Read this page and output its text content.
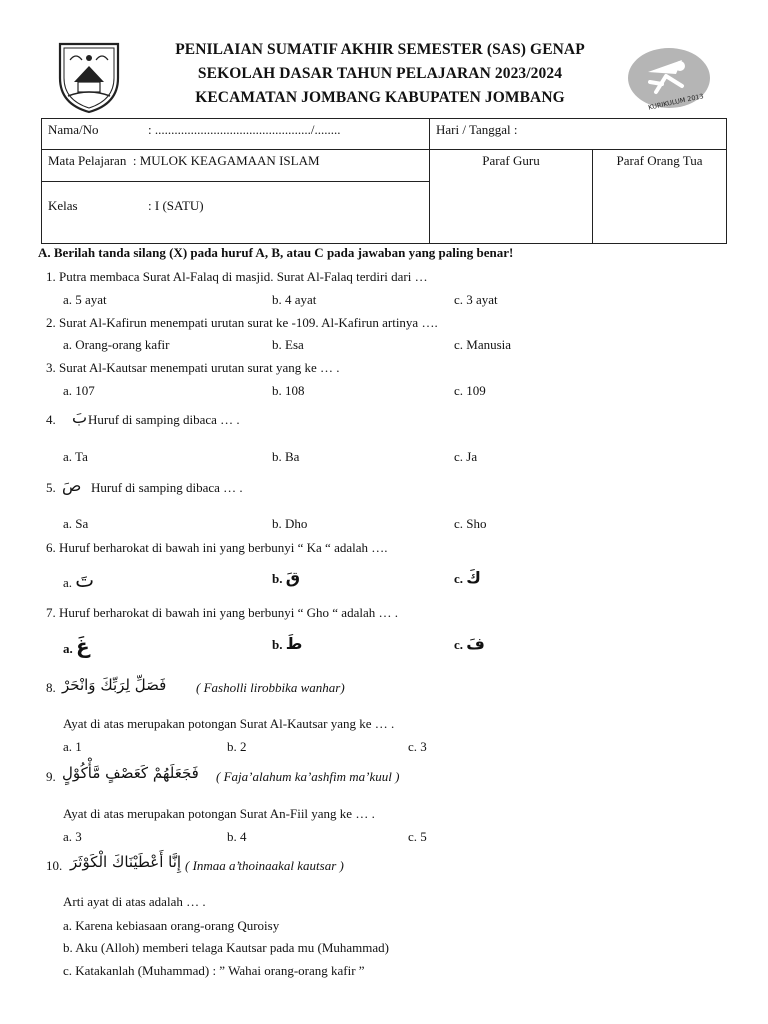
PENILAIAN SUMATIF AKHIR SEMESTER (SAS) GENAP
SEKOLAH DASAR TAHUN PELAJARAN 2023/2024
KECAMATAN JOMBANG KABUPATEN JOMBANG	KURIKULUM 2013
Nama/No : ................................................/........	Hari / Tanggal :	
Mata Pelajaran : MULOK KEAGAMAAN ISLAM	Paraf Guru	Paraf Orang Tua
Kelas : I (SATU)		
A. Berilah tanda silang (X) pada huruf A, B, atau C pada jawaban yang paling benar!
1. Putra membaca Surat Al-Falaq di masjid. Surat Al-Falaq terdiri dari …
a. 5 ayat	b. 4 ayat	c. 3 ayat
2. Surat Al-Kafirun menempati urutan surat ke -109. Al-Kafirun artinya ….
a. Orang-orang kafir	b. Esa	c. Manusia
3. Surat Al-Kautsar menempati urutan surat yang ke … .
a. 107	b. 108	c. 109
4. بَ Huruf di samping dibaca … .
a. Ta	b. Ba	c. Ja
5. صَ Huruf di samping dibaca … .
a. Sa	b. Dho	c. Sho
6. Huruf berharokat di bawah ini yang berbunyi “ Ka “ adalah ….
a. تَ	b. قَ	c. كَ
7. Huruf berharokat di bawah ini yang berbunyi “ Gho “ adalah … .
a. غَ	b. طَ	c. فَ
8. فَصَلِّ لِرَبِّكَ وَانْحَرْ ( Fasholli lirobbika wanhar)
Ayat di atas merupakan potongan Surat Al-Kautsar yang ke … .
a. 1	b. 2	c. 3
9. فَجَعَلَهُمْ كَعَصْفٍ مَّأْكُوْلٍ ( Faja’alahum ka’ashfim ma’kuul )
Ayat di atas merupakan potongan Surat An-Fiil yang ke … .
a. 3	b. 4	c. 5
10. إِنَّا أَعْطَيْنَاكَ الْكَوْثَرَ ( Inmaa a’thoinaakal kautsar )
Arti ayat di atas adalah … .
a. Karena kebiasaan orang-orang Quroisy
b. Aku (Alloh) memberi telaga Kautsar pada mu (Muhammad)
c. Katakanlah (Muhammad) : ” Wahai orang-orang kafir ”
